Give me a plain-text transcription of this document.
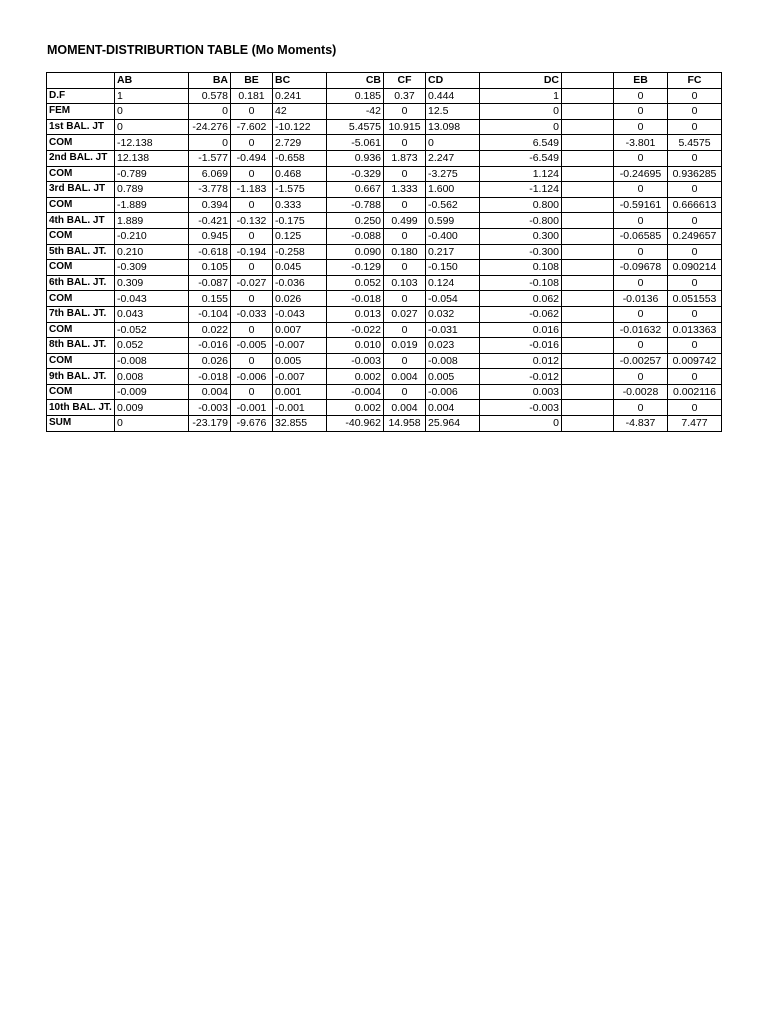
MOMENT-DISTRIBURTION TABLE (Mo Moments)
	AB	BA	BE	BC	CB	CF	CD	DC		EB	FC
D.F	1	0.578	0.181	0.241	0.185	0.37	0.444	1		0	0
FEM	0	0	0	42	-42	0	12.5	0		0	0
1st BAL. JT	0	-24.276	-7.602	-10.122	5.4575	10.915	13.098	0		0	0
COM	-12.138	0	0	2.729	-5.061	0	0	6.549		-3.801	5.4575
2nd BAL. JT	12.138	-1.577	-0.494	-0.658	0.936	1.873	2.247	-6.549		0	0
COM	-0.789	6.069	0	0.468	-0.329	0	-3.275	1.124		-0.24695	0.936285
3rd BAL. JT	0.789	-3.778	-1.183	-1.575	0.667	1.333	1.600	-1.124		0	0
COM	-1.889	0.394	0	0.333	-0.788	0	-0.562	0.800		-0.59161	0.666613
4th BAL. JT	1.889	-0.421	-0.132	-0.175	0.250	0.499	0.599	-0.800		0	0
COM	-0.210	0.945	0	0.125	-0.088	0	-0.400	0.300		-0.06585	0.249657
5th BAL. JT.	0.210	-0.618	-0.194	-0.258	0.090	0.180	0.217	-0.300		0	0
COM	-0.309	0.105	0	0.045	-0.129	0	-0.150	0.108		-0.09678	0.090214
6th BAL. JT.	0.309	-0.087	-0.027	-0.036	0.052	0.103	0.124	-0.108		0	0
COM	-0.043	0.155	0	0.026	-0.018	0	-0.054	0.062		-0.0136	0.051553
7th BAL. JT.	0.043	-0.104	-0.033	-0.043	0.013	0.027	0.032	-0.062		0	0
COM	-0.052	0.022	0	0.007	-0.022	0	-0.031	0.016		-0.01632	0.013363
8th BAL. JT.	0.052	-0.016	-0.005	-0.007	0.010	0.019	0.023	-0.016		0	0
COM	-0.008	0.026	0	0.005	-0.003	0	-0.008	0.012		-0.00257	0.009742
9th BAL. JT.	0.008	-0.018	-0.006	-0.007	0.002	0.004	0.005	-0.012		0	0
COM	-0.009	0.004	0	0.001	-0.004	0	-0.006	0.003		-0.0028	0.002116
10th BAL. JT.	0.009	-0.003	-0.001	-0.001	0.002	0.004	0.004	-0.003		0	0
SUM	0	-23.179	-9.676	32.855	-40.962	14.958	25.964	0		-4.837	7.477
